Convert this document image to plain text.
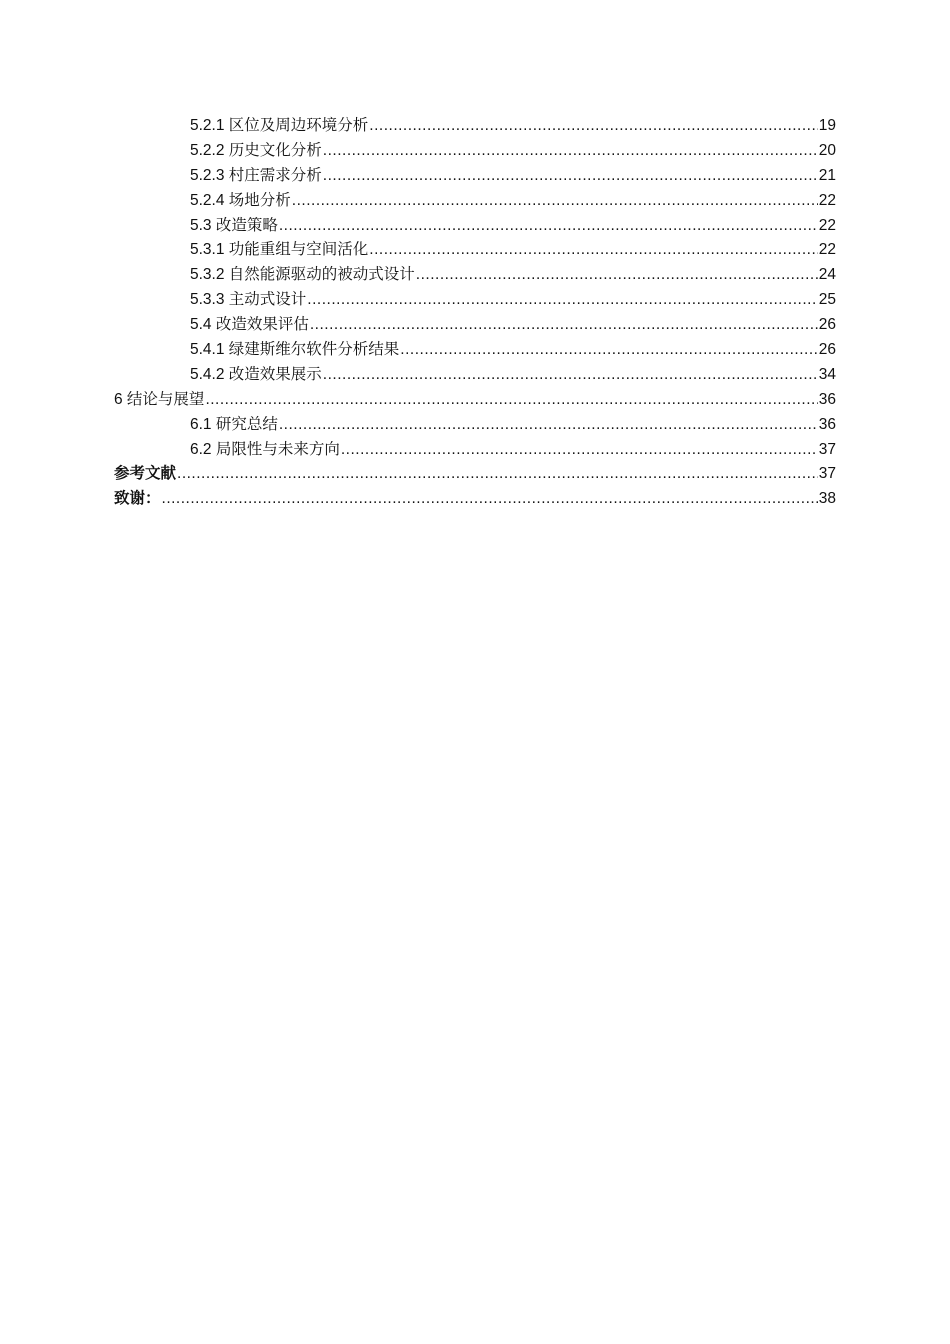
5.2.1 区位及周边环境分析 .....	19
5.2.2 历史文化分析 .....	20
5.2.3 村庄需求分析 .....	21
5.2.4 场地分析 .....	22
5.3 改造策略 .....	22
5.3.1 功能重组与空间活化 .....	22
5.3.2 自然能源驱动的被动式设计 .....	24
5.3.3 主动式设计 .....	25
5.4 改造效果评估 .....	26
5.4.1 绿建斯维尔软件分析结果 .....	26
5.4.2 改造效果展示 .....	34
6 结论与展望 .....	36
6.1 研究总结 .....	36
6.2 局限性与未来方向 .....	37
参考文献 .....	37
致谢： .....	38
